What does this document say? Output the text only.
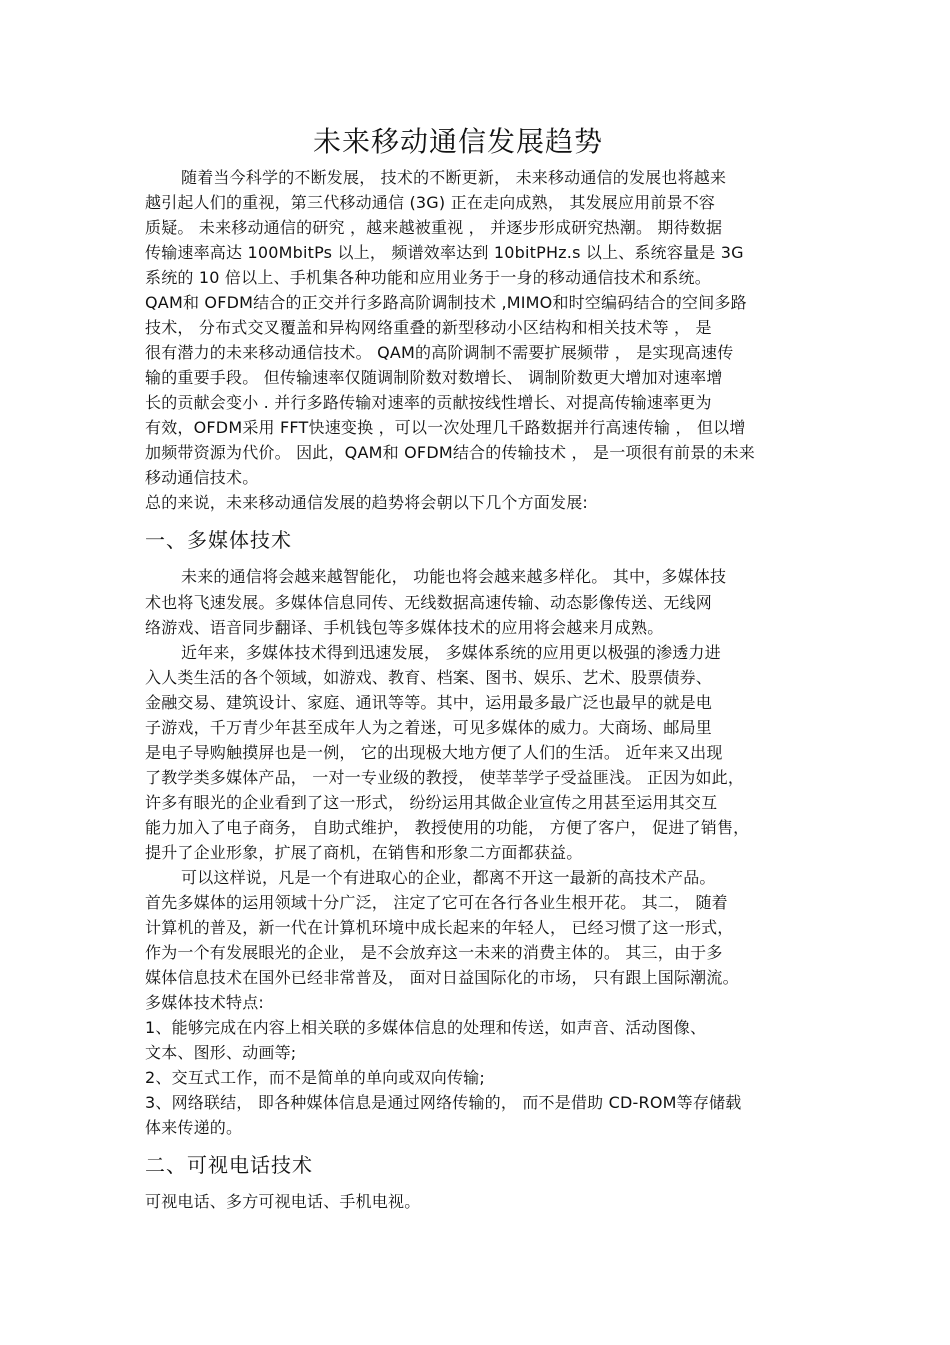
未来移动通信发展趋势

随着当今科学的不断发展， 技术的不断更新， 未来移动通信的发展也将越来

越引起人们的重视，第三代移动通信 (3G) 正在走向成熟， 其发展应用前景不容

质疑。 未来移动通信的研究 ，越来越被重视 ， 并逐步形成研究热潮。 期待数据

传输速率高达 100MbitPs 以上， 频谱效率达到 10bitPHz.s 以上、系统容量是 3G

系统的 10 倍以上、手机集各种功能和应用业务于一身的移动通信技术和系统。

QAM和 OFDM结合的正交并行多路高阶调制技术 ,MIMO和时空编码结合的空间多路

技术， 分布式交叉覆盖和异构网络重叠的新型移动小区结构和相关技术等 ， 是

很有潜力的未来移动通信技术。 QAM的高阶调制不需要扩展频带 ， 是实现高速传

输的重要手段。 但传输速率仅随调制阶数对数增长、 调制阶数更大增加对速率增

长的贡献会变小 . 并行多路传输对速率的贡献按线性增长、对提高传输速率更为

有效，OFDM采用 FFT快速变换 ，可以一次处理几千路数据并行高速传输 ， 但以增

加频带资源为代价。 因此，QAM和 OFDM结合的传输技术 ， 是一项很有前景的未来

移动通信技术。

总的来说，未来移动通信发展的趋势将会朝以下几个方面发展:

一、多媒体技术

未来的通信将会越来越智能化， 功能也将会越来越多样化。 其中，多媒体技

术也将飞速发展。多媒体信息同传、无线数据高速传输、动态影像传送、无线网

络游戏、语音同步翻译、手机钱包等多媒体技术的应用将会越来月成熟。

近年来，多媒体技术得到迅速发展， 多媒体系统的应用更以极强的渗透力进

入人类生活的各个领域，如游戏、教育、档案、图书、娱乐、艺术、股票债券、

金融交易、建筑设计、家庭、通讯等等。其中，运用最多最广泛也最早的就是电

子游戏，千万青少年甚至成年人为之着迷，可见多媒体的威力。大商场、邮局里

是电子导购触摸屏也是一例， 它的出现极大地方便了人们的生活。 近年来又出现

了教学类多媒体产品， 一对一专业级的教授， 使莘莘学子受益匪浅。 正因为如此，

许多有眼光的企业看到了这一形式， 纷纷运用其做企业宣传之用甚至运用其交互

能力加入了电子商务， 自助式维护， 教授使用的功能， 方便了客户， 促进了销售，

提升了企业形象，扩展了商机，在销售和形象二方面都获益。

可以这样说，凡是一个有进取心的企业，都离不开这一最新的高技术产品。

首先多媒体的运用领域十分广泛， 注定了它可在各行各业生根开花。 其二， 随着

计算机的普及，新一代在计算机环境中成长起来的年轻人， 已经习惯了这一形式，

作为一个有发展眼光的企业， 是不会放弃这一未来的消费主体的。 其三，由于多

媒体信息技术在国外已经非常普及， 面对日益国际化的市场， 只有跟上国际潮流。

多媒体技术特点:

1、能够完成在内容上相关联的多媒体信息的处理和传送，如声音、活动图像、

文本、图形、动画等;

2、交互式工作，而不是简单的单向或双向传输;

3、网络联结， 即各种媒体信息是通过网络传输的， 而不是借助 CD-ROM等存储载

体来传递的。

二、可视电话技术

可视电话、多方可视电话、手机电视。
